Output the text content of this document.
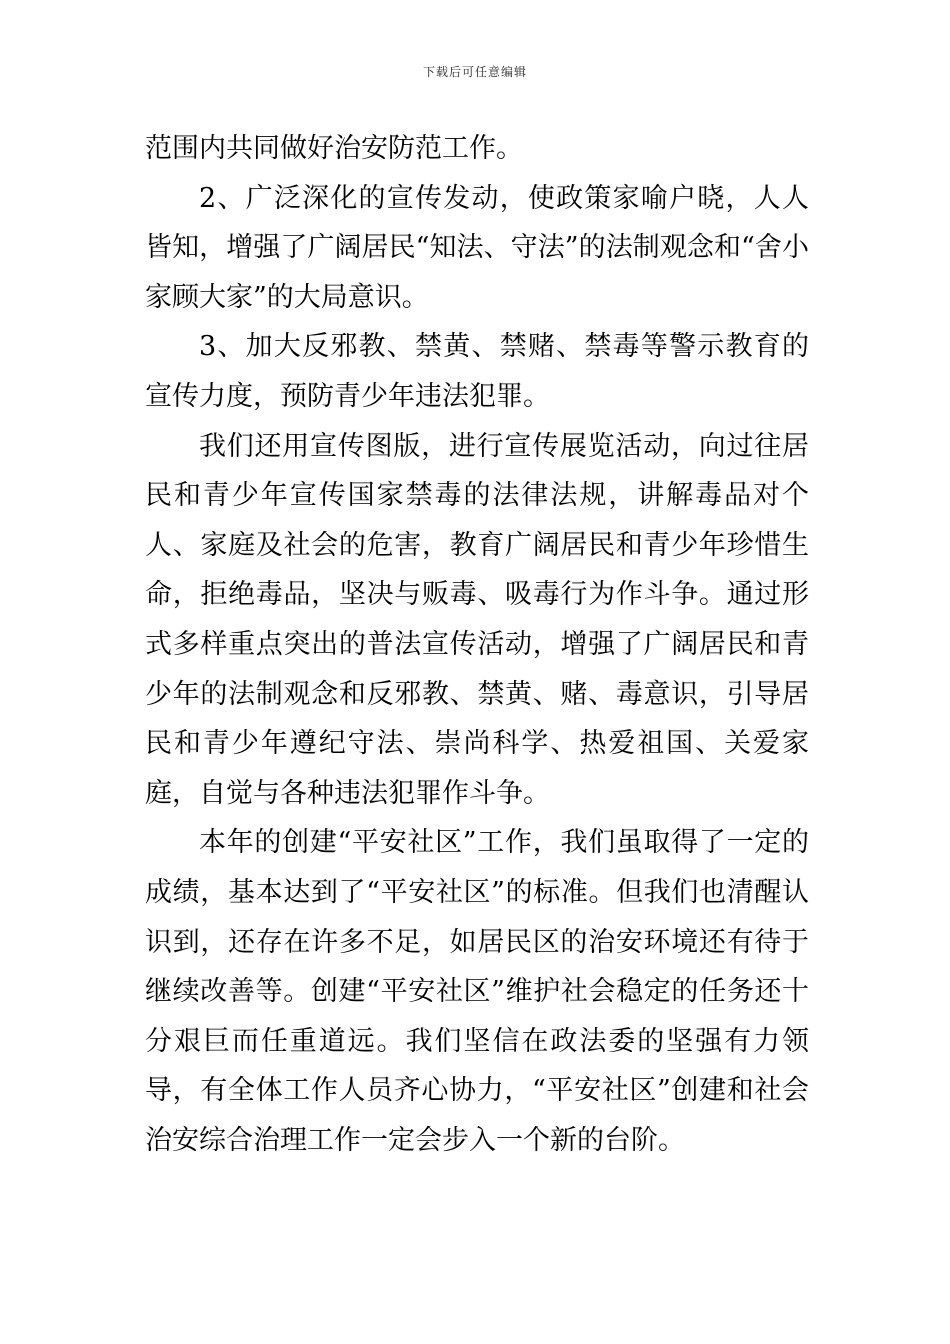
下载后可任意编辑

范围内共同做好治安防范工作。

2、广泛深化的宣传发动，使政策家喻户晓，人人皆知，增强了广阔居民“知法、守法”的法制观念和“舍小家顾大家”的大局意识。

3、加大反邪教、禁黄、禁赌、禁毒等警示教育的宣传力度，预防青少年违法犯罪。

我们还用宣传图版，进行宣传展览活动，向过往居民和青少年宣传国家禁毒的法律法规，讲解毒品对个人、家庭及社会的危害，教育广阔居民和青少年珍惜生命，拒绝毒品，坚决与贩毒、吸毒行为作斗争。通过形式多样重点突出的普法宣传活动，增强了广阔居民和青少年的法制观念和反邪教、禁黄、赌、毒意识，引导居民和青少年遵纪守法、崇尚科学、热爱祖国、关爱家庭，自觉与各种违法犯罪作斗争。

本年的创建“平安社区”工作，我们虽取得了一定的成绩，基本达到了“平安社区”的标准。但我们也清醒认识到，还存在许多不足，如居民区的治安环境还有待于继续改善等。创建“平安社区”维护社会稳定的任务还十分艰巨而任重道远。我们坚信在政法委的坚强有力领导，有全体工作人员齐心协力，“平安社区”创建和社会治安综合治理工作一定会步入一个新的台阶。
